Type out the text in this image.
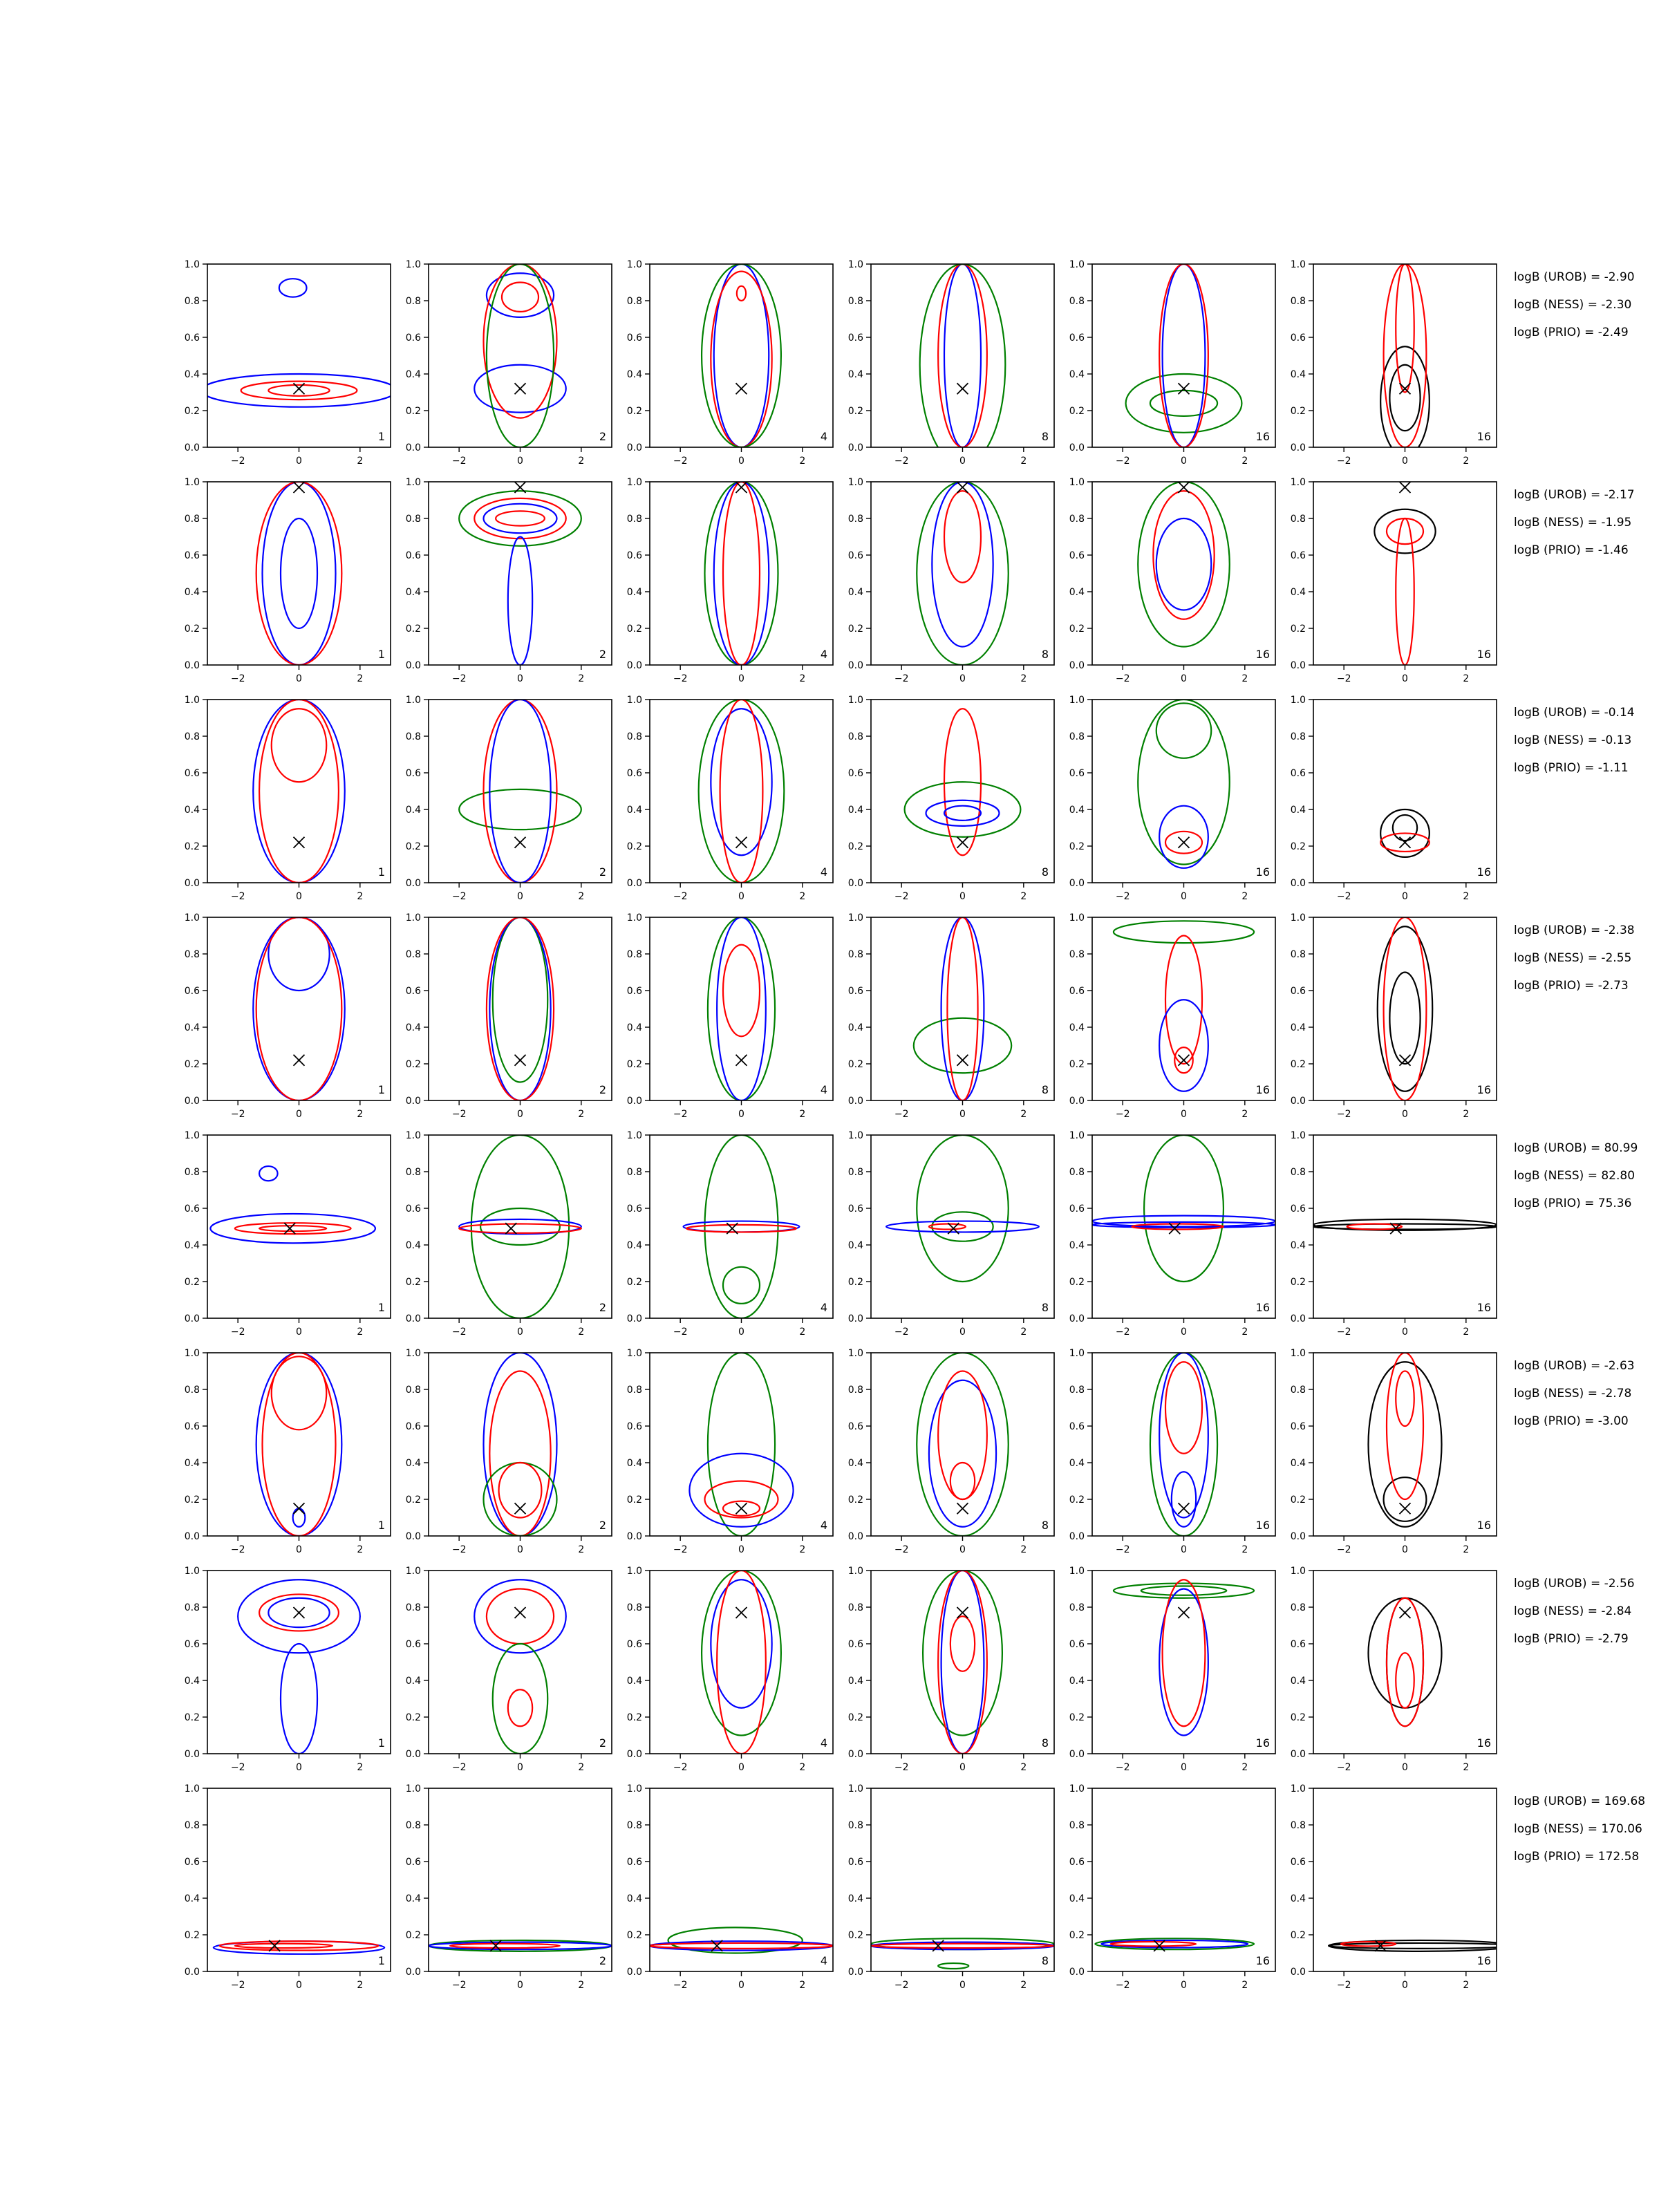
−2	0	2
0.0
0.2
0.4
0.6
0.8
1.0
1
−2	0	2
0.0
0.2
0.4
0.6
0.8
1.0
2
−2	0	2
0.0
0.2
0.4
0.6
0.8
1.0
4
−2	0	2
0.0
0.2
0.4
0.6
0.8
1.0
8
−2	0	2
0.0
0.2
0.4
0.6
0.8
1.0
16
−2	0	2
0.0
0.2
0.4
0.6
0.8
1.0
16
logB (UROB) = -2.90
logB (NESS) = -2.30
logB (PRIO) = -2.49
−2	0	2
0.0
0.2
0.4
0.6
0.8
1.0
1
−2	0	2
0.0
0.2
0.4
0.6
0.8
1.0
2
−2	0	2
0.0
0.2
0.4
0.6
0.8
1.0
4
−2	0	2
0.0
0.2
0.4
0.6
0.8
1.0
8
−2	0	2
0.0
0.2
0.4
0.6
0.8
1.0
16
−2	0	2
0.0
0.2
0.4
0.6
0.8
1.0
16
logB (UROB) = -2.17
logB (NESS) = -1.95
logB (PRIO) = -1.46
−2	0	2
0.0
0.2
0.4
0.6
0.8
1.0
1
−2	0	2
0.0
0.2
0.4
0.6
0.8
1.0
2
−2	0	2
0.0
0.2
0.4
0.6
0.8
1.0
4
−2	0	2
0.0
0.2
0.4
0.6
0.8
1.0
8
−2	0	2
0.0
0.2
0.4
0.6
0.8
1.0
16
−2	0	2
0.0
0.2
0.4
0.6
0.8
1.0
16
logB (UROB) = -0.14
logB (NESS) = -0.13
logB (PRIO) = -1.11
−2	0	2
0.0
0.2
0.4
0.6
0.8
1.0
1
−2	0	2
0.0
0.2
0.4
0.6
0.8
1.0
2
−2	0	2
0.0
0.2
0.4
0.6
0.8
1.0
4
−2	0	2
0.0
0.2
0.4
0.6
0.8
1.0
8
−2	0	2
0.0
0.2
0.4
0.6
0.8
1.0
16
−2	0	2
0.0
0.2
0.4
0.6
0.8
1.0
16
logB (UROB) = -2.38
logB (NESS) = -2.55
logB (PRIO) = -2.73
−2	0	2
0.0
0.2
0.4
0.6
0.8
1.0
1
−2	0	2
0.0
0.2
0.4
0.6
0.8
1.0
2
−2	0	2
0.0
0.2
0.4
0.6
0.8
1.0
4
−2	0	2
0.0
0.2
0.4
0.6
0.8
1.0
8
−2	0	2
0.0
0.2
0.4
0.6
0.8
1.0
16
−2	0	2
0.0
0.2
0.4
0.6
0.8
1.0
16
logB (UROB) = 80.99
logB (NESS) = 82.80
logB (PRIO) = 75.36
−2	0	2
0.0
0.2
0.4
0.6
0.8
1.0
1
−2	0	2
0.0
0.2
0.4
0.6
0.8
1.0
2
−2	0	2
0.0
0.2
0.4
0.6
0.8
1.0
4
−2	0	2
0.0
0.2
0.4
0.6
0.8
1.0
8
−2	0	2
0.0
0.2
0.4
0.6
0.8
1.0
16
−2	0	2
0.0
0.2
0.4
0.6
0.8
1.0
16
logB (UROB) = -2.63
logB (NESS) = -2.78
logB (PRIO) = -3.00
−2	0	2
0.0
0.2
0.4
0.6
0.8
1.0
1
−2	0	2
0.0
0.2
0.4
0.6
0.8
1.0
2
−2	0	2
0.0
0.2
0.4
0.6
0.8
1.0
4
−2	0	2
0.0
0.2
0.4
0.6
0.8
1.0
8
−2	0	2
0.0
0.2
0.4
0.6
0.8
1.0
16
−2	0	2
0.0
0.2
0.4
0.6
0.8
1.0
16
logB (UROB) = -2.56
logB (NESS) = -2.84
logB (PRIO) = -2.79
−2	0	2
0.0
0.2
0.4
0.6
0.8
1.0
1
−2	0	2
0.0
0.2
0.4
0.6
0.8
1.0
2
−2	0	2
0.0
0.2
0.4
0.6
0.8
1.0
4
−2	0	2
0.0
0.2
0.4
0.6
0.8
1.0
8
−2	0	2
0.0
0.2
0.4
0.6
0.8
1.0
16
−2	0	2
0.0
0.2
0.4
0.6
0.8
1.0
16
logB (UROB) = 169.68
logB (NESS) = 170.06
logB (PRIO) = 172.58
